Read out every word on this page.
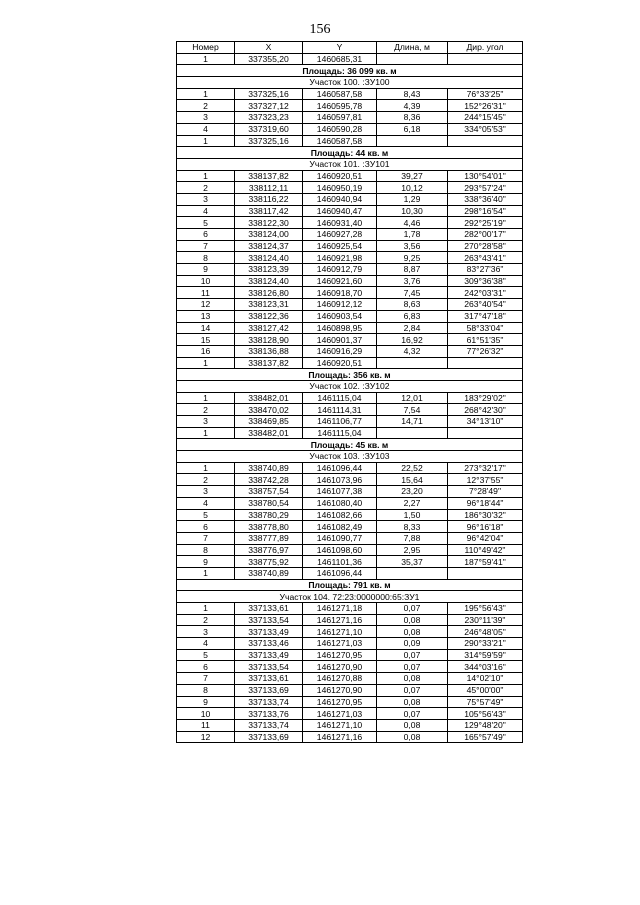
156
Номер	X	Y	Длина, м	Дир. угол
1	337355,20	1460685,31		
Площадь: 36 099 кв. м				
Участок 100. :ЗУ100				
1	337325,16	1460587,58	8,43	76°33'25"
2	337327,12	1460595,78	4,39	152°26'31"
3	337323,23	1460597,81	8,36	244°15'45"
4	337319,60	1460590,28	6,18	334°05'53"
1	337325,16	1460587,58		
Площадь: 44 кв. м				
Участок 101. :ЗУ101				
1	338137,82	1460920,51	39,27	130°54'01"
2	338112,11	1460950,19	10,12	293°57'24"
3	338116,22	1460940,94	1,29	338°36'40"
4	338117,42	1460940,47	10,30	298°16'54"
5	338122,30	1460931,40	4,46	292°25'19"
6	338124,00	1460927,28	1,78	282°00'17"
7	338124,37	1460925,54	3,56	270°28'58"
8	338124,40	1460921,98	9,25	263°43'41"
9	338123,39	1460912,79	8,87	83°27'36"
10	338124,40	1460921,60	3,76	309°36'38"
11	338126,80	1460918,70	7,45	242°03'31"
12	338123,31	1460912,12	8,63	263°40'54"
13	338122,36	1460903,54	6,83	317°47'18"
14	338127,42	1460898,95	2,84	58°33'04"
15	338128,90	1460901,37	16,92	61°51'35"
16	338136,88	1460916,29	4,32	77°26'32"
1	338137,82	1460920,51		
Площадь: 356 кв. м				
Участок 102. :ЗУ102				
1	338482,01	1461115,04	12,01	183°29'02"
2	338470,02	1461114,31	7,54	268°42'30"
3	338469,85	1461106,77	14,71	34°13'10"
1	338482,01	1461115,04		
Площадь: 45 кв. м				
Участок 103. :ЗУ103				
1	338740,89	1461096,44	22,52	273°32'17"
2	338742,28	1461073,96	15,64	12°37'55"
3	338757,54	1461077,38	23,20	7°28'49"
4	338780,54	1461080,40	2,27	96°18'44"
5	338780,29	1461082,66	1,50	186°30'32"
6	338778,80	1461082,49	8,33	96°16'18"
7	338777,89	1461090,77	7,88	96°42'04"
8	338776,97	1461098,60	2,95	110°49'42"
9	338775,92	1461101,36	35,37	187°59'41"
1	338740,89	1461096,44		
Площадь: 791 кв. м				
Участок 104. 72:23:0000000:65:ЗУ1				
1	337133,61	1461271,18	0,07	195°56'43"
2	337133,54	1461271,16	0,08	230°11'39"
3	337133,49	1461271,10	0,08	246°48'05"
4	337133,46	1461271,03	0,09	290°33'21"
5	337133,49	1461270,95	0,07	314°59'59"
6	337133,54	1461270,90	0,07	344°03'16"
7	337133,61	1461270,88	0,08	14°02'10"
8	337133,69	1461270,90	0,07	45°00'00"
9	337133,74	1461270,95	0,08	75°57'49"
10	337133,76	1461271,03	0,07	105°56'43"
11	337133,74	1461271,10	0,08	129°48'20"
12	337133,69	1461271,16	0,08	165°57'49"
